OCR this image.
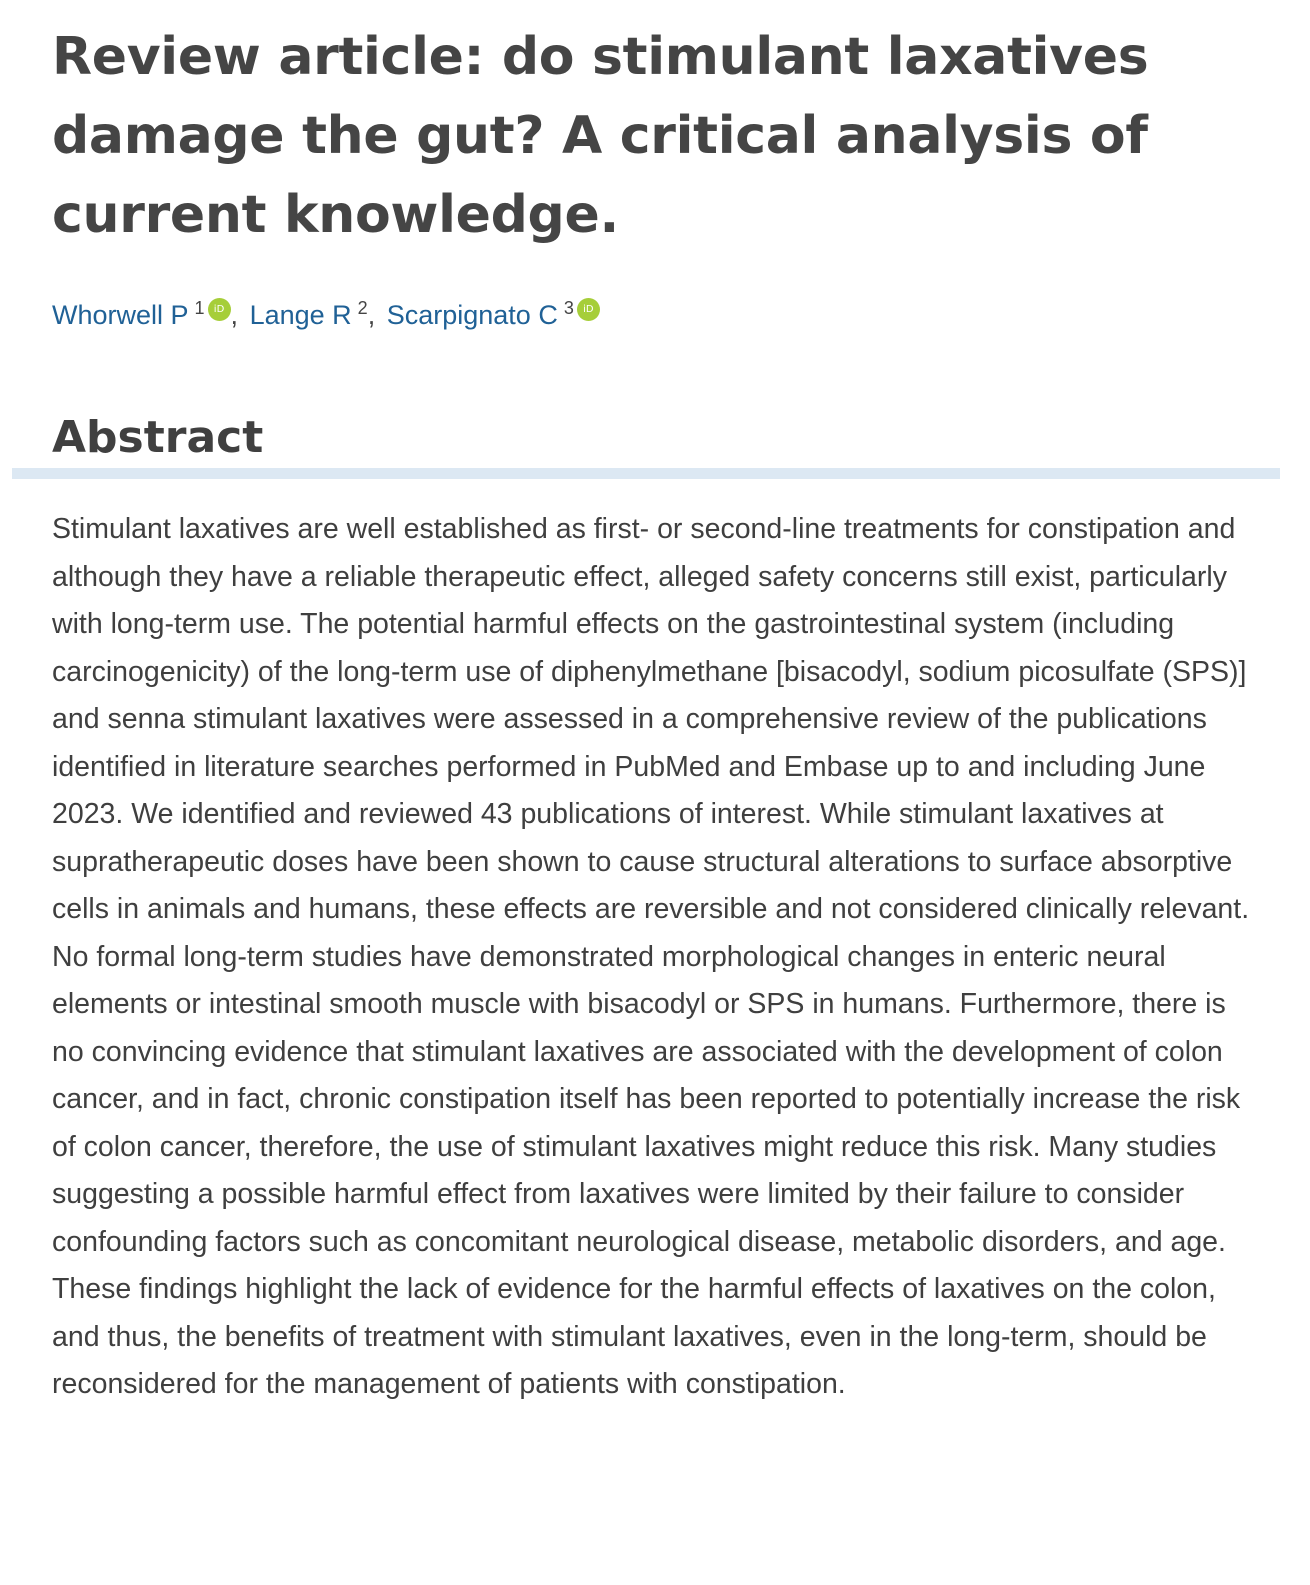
Review article: do stimulant laxatives damage the gut? A critical analysis of current knowledge.
Whorwell P $^1$ iD , Lange R $^2$, Scarpignato C $^3$ iD
Abstract

Stimulant laxatives are well established as first- or second-line treatments for constipation and although they have a reliable therapeutic effect, alleged safety concerns still exist, particularly with long-term use. The potential harmful effects on the gastrointestinal system (including carcinogenicity) of the long-term use of diphenylmethane [bisacodyl, sodium picosulfate (SPS)] and senna stimulant laxatives were assessed in a comprehensive review of the publications identified in literature searches performed in PubMed and Embase up to and including June 2023. We identified and reviewed 43 publications of interest. While stimulant laxatives at supratherapeutic doses have been shown to cause structural alterations to surface absorptive cells in animals and humans, these effects are reversible and not considered clinically relevant. No formal long-term studies have demonstrated morphological changes in enteric neural elements or intestinal smooth muscle with bisacodyl or SPS in humans. Furthermore, there is no convincing evidence that stimulant laxatives are associated with the development of colon cancer, and in fact, chronic constipation itself has been reported to potentially increase the risk of colon cancer, therefore, the use of stimulant laxatives might reduce this risk. Many studies suggesting a possible harmful effect from laxatives were limited by their failure to consider confounding factors such as concomitant neurological disease, metabolic disorders, and age. These findings highlight the lack of evidence for the harmful effects of laxatives on the colon, and thus, the benefits of treatment with stimulant laxatives, even in the long-term, should be reconsidered for the management of patients with constipation.
